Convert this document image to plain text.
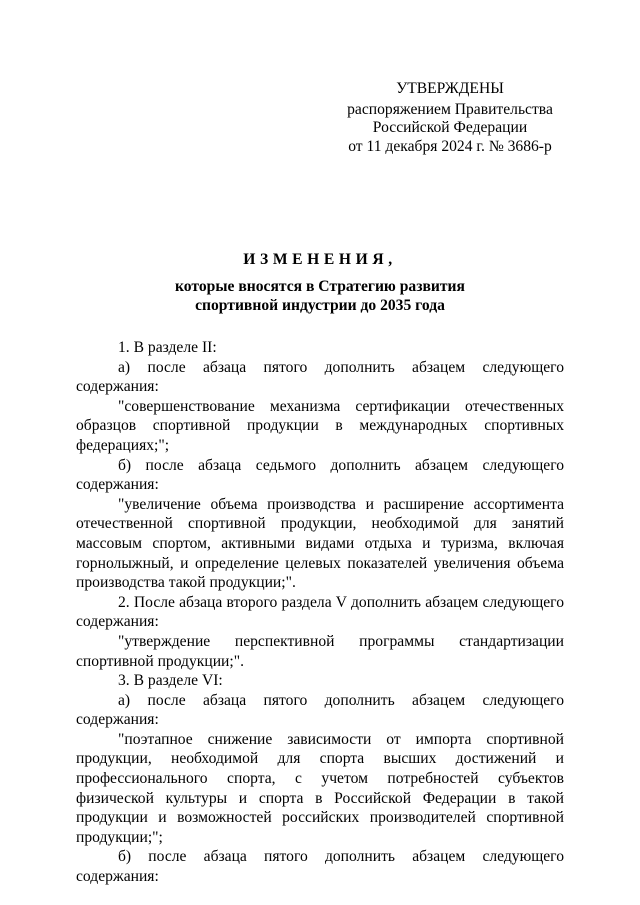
УТВЕРЖДЕНЫ
распоряжением Правительства
Российской Федерации
от 11 декабря 2024 г. № 3686-р
ИЗМЕНЕНИЯ,
которые вносятся в Стратегию развития
спортивной индустрии до 2035 года

1. В разделе II:

а) после абзаца пятого дополнить абзацем следующего содержания:

"совершенствование механизма сертификации отечественных образцов спортивной продукции в международных спортивных федерациях;";

б) после абзаца седьмого дополнить абзацем следующего содержания:

"увеличение объема производства и расширение ассортимента отечественной спортивной продукции, необходимой для занятий массовым спортом, активными видами отдыха и туризма, включая горнолыжный, и определение целевых показателей увеличения объема производства такой продукции;".

2. После абзаца второго раздела V дополнить абзацем следующего содержания:

"утверждение перспективной программы стандартизации спортивной продукции;".

3. В разделе VI:

а) после абзаца пятого дополнить абзацем следующего содержания:

"поэтапное снижение зависимости от импорта спортивной продукции, необходимой для спорта высших достижений и профессионального спорта, с учетом потребностей субъектов физической культуры и спорта в Российской Федерации в такой продукции и возможностей российских производителей спортивной продукции;";

б) после абзаца пятого дополнить абзацем следующего содержания:
